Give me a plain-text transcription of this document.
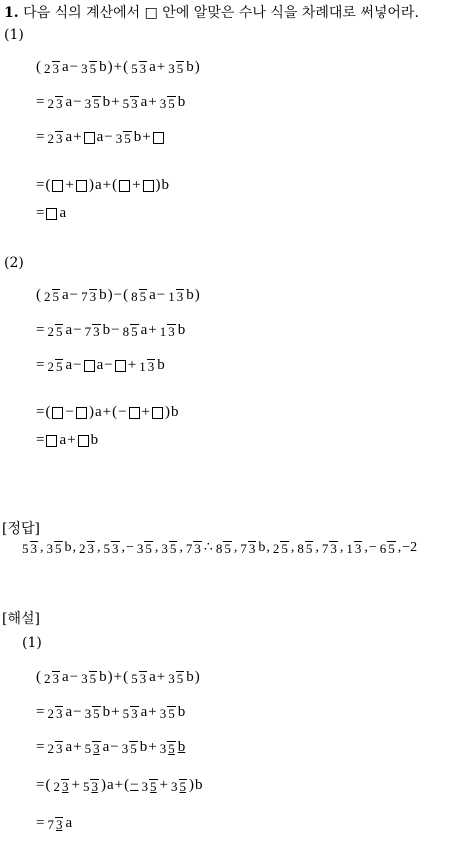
1. 다음 식의 계산에서 □ 안에 알맞은 수나 식을 차례대로 써넣어라.
(1)
( 2 3 a − 3 5 b ) + ( 5 3 a + 3 5 b )
= 2 3 a − 3 5 b + 5 3 a + 3 5 b
= 2 3 a + a − 3 5 b +
= ( + ) a + ( + ) b
= a
(2)
( 2 5 a − 7 3 b ) − ( 8 5 a − 1 3 b )
= 2 5 a − 7 3 b − 8 5 a + 1 3 b
= 2 5 a − a − + 1 3 b
= ( − ) a + ( − + ) b
= a + b
[정답]
5 3 , 3 5 b , 2 3 , 5 3 , − 3 5 , 3 5 , 7 3 ∴ 8 5 , 7 3 b , 2 5 , 8 5 , 7 3 , 1 3 , − 6 5 , −2
[해설]
(1)
( 2 3 a − 3 5 b ) + ( 5 3 a + 3 5 b )
= 2 3 a − 3 5 b + 5 3 a + 3 5 b
= 2 3 a + 5 3 a − 3 5 b + 3 5 b
= ( 2 3 + 5 3 ) a + ( − 3 5 + 3 5 ) b
= 7 3 a
